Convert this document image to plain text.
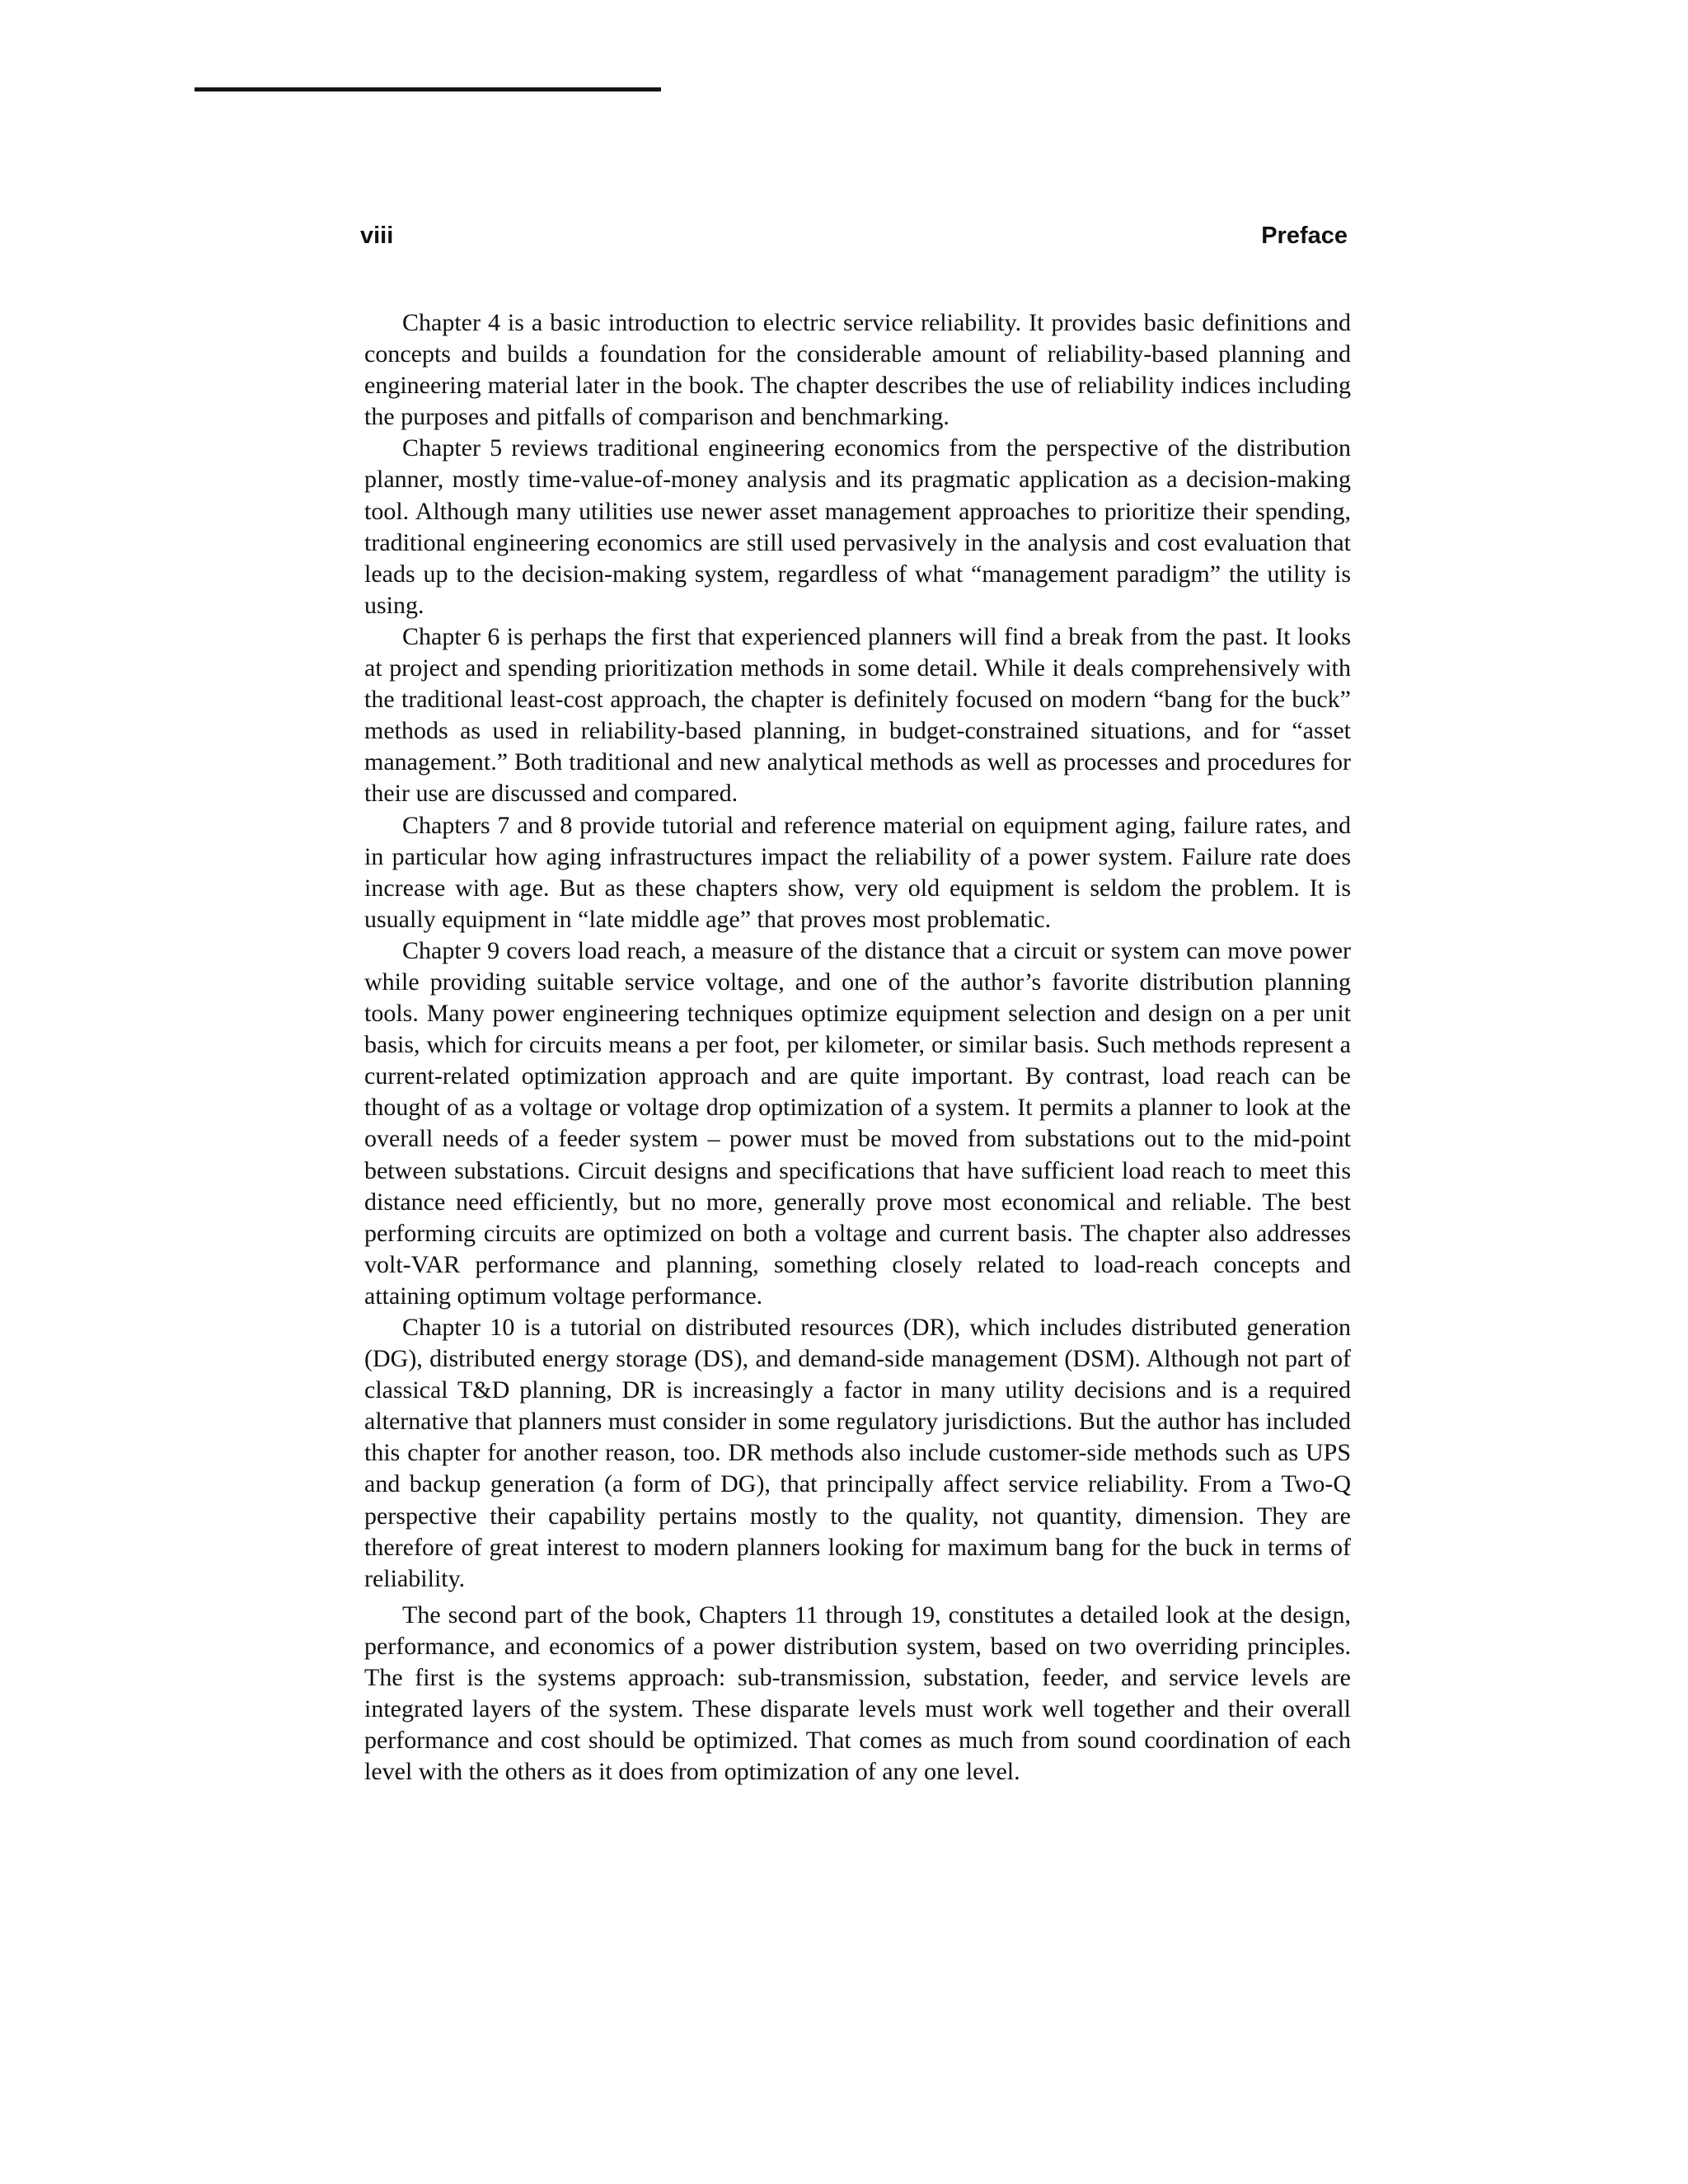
viii	Preface

Chapter 4 is a basic introduction to electric service reliability. It provides basic definitions and concepts and builds a foundation for the considerable amount of reliability-based planning and engineering material later in the book. The chapter describes the use of reliability indices including the purposes and pitfalls of comparison and benchmarking.

Chapter 5 reviews traditional engineering economics from the perspective of the distribution planner, mostly time-value-of-money analysis and its pragmatic application as a decision-making tool. Although many utilities use newer asset management approaches to prioritize their spending, traditional engineering economics are still used pervasively in the analysis and cost evaluation that leads up to the decision-making system, regardless of what “management paradigm” the utility is using.

Chapter 6 is perhaps the first that experienced planners will find a break from the past. It looks at project and spending prioritization methods in some detail. While it deals comprehensively with the traditional least-cost approach, the chapter is definitely focused on modern “bang for the buck” methods as used in reliability-based planning, in budget-constrained situations, and for “asset management.” Both traditional and new analytical methods as well as processes and procedures for their use are discussed and compared.

Chapters 7 and 8 provide tutorial and reference material on equipment aging, failure rates, and in particular how aging infrastructures impact the reliability of a power system. Failure rate does increase with age. But as these chapters show, very old equipment is seldom the problem. It is usually equipment in “late middle age” that proves most problematic.

Chapter 9 covers load reach, a measure of the distance that a circuit or system can move power while providing suitable service voltage, and one of the author’s favorite distribution planning tools. Many power engineering techniques optimize equipment selection and design on a per unit basis, which for circuits means a per foot, per kilometer, or similar basis. Such methods represent a current-related optimization approach and are quite important. By contrast, load reach can be thought of as a voltage or voltage drop optimization of a system. It permits a planner to look at the overall needs of a feeder system – power must be moved from substations out to the mid-point between substations. Circuit designs and specifications that have sufficient load reach to meet this distance need efficiently, but no more, generally prove most economical and reliable. The best performing circuits are optimized on both a voltage and current basis. The chapter also addresses volt-VAR performance and planning, something closely related to load-reach concepts and attaining optimum voltage performance.

Chapter 10 is a tutorial on distributed resources (DR), which includes distributed generation (DG), distributed energy storage (DS), and demand-side management (DSM). Although not part of classical T&D planning, DR is increasingly a factor in many utility decisions and is a required alternative that planners must consider in some regulatory jurisdictions. But the author has included this chapter for another reason, too. DR methods also include customer-side methods such as UPS and backup generation (a form of DG), that principally affect service reliability. From a Two-Q perspective their capability pertains mostly to the quality, not quantity, dimension. They are therefore of great interest to modern planners looking for maximum bang for the buck in terms of reliability.

The second part of the book, Chapters 11 through 19, constitutes a detailed look at the design, performance, and economics of a power distribution system, based on two overriding principles. The first is the systems approach: sub-transmission, substation, feeder, and service levels are integrated layers of the system. These disparate levels must work well together and their overall performance and cost should be optimized. That comes as much from sound coordination of each level with the others as it does from optimization of any one level.
